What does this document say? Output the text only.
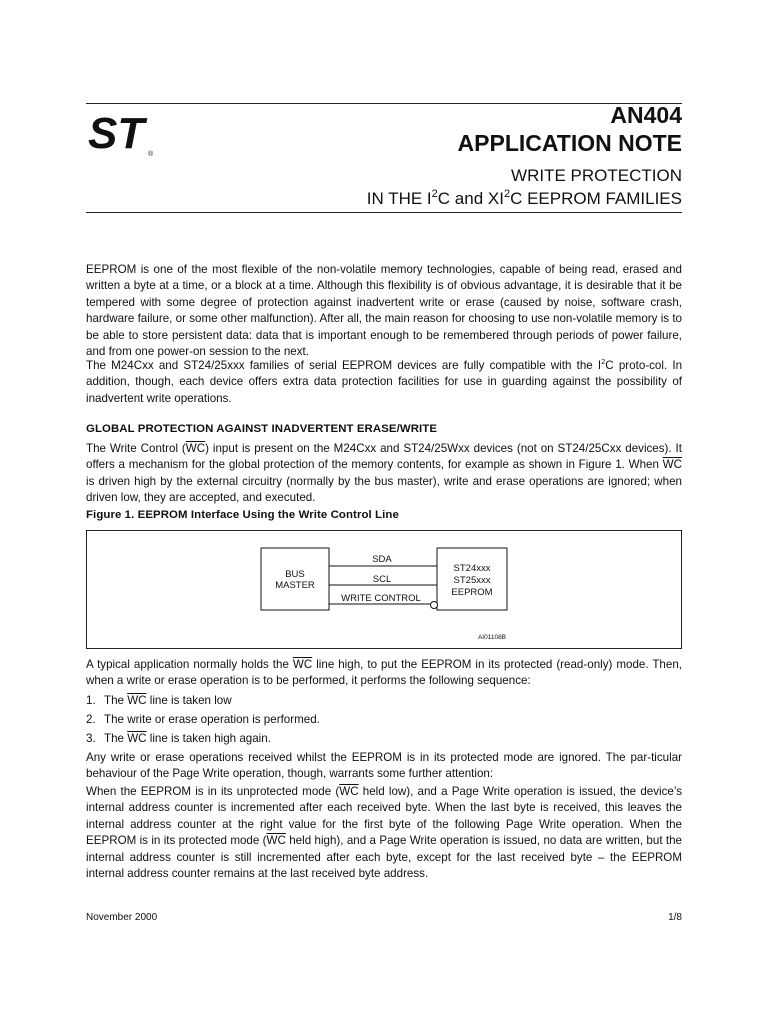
ST ®
AN404
APPLICATION NOTE
WRITE PROTECTION
IN THE $I^2C$ and $XI^2C$ EEPROM FAMILIES
EEPROM is one of the most flexible of the non-volatile memory technologies, capable of being read, erased and written a byte at a time, or a block at a time. Although this flexibility is of obvious advantage, it is desirable that it be tempered with some degree of protection against inadvertent write or erase (caused by noise, software crash, hardware failure, or some other malfunction). After all, the main reason for choosing to use non-volatile memory is to be able to store persistent data: data that is important enough to be remembered through periods of power failure, and from one power-on session to the next.
The M24Cxx and ST24/25xxx families of serial EEPROM devices are fully compatible with the $I^2C$ proto-col. In addition, though, each device offers extra data protection facilities for use in guarding against the possibility of inadvertent write operations.
GLOBAL PROTECTION AGAINST INADVERTENT ERASE/WRITE
The Write Control $(\overline{WC})$ input is present on the M24Cxx and ST24/25Wxx devices (not on ST24/25Cxx devices). It offers a mechanism for the global protection of the memory contents, for example as shown in Figure 1. When $\overline{WC}$ is driven high by the external circuitry (normally by the bus master), write and erase operations are ignored; when driven low, they are accepted, and executed.
Figure 1. EEPROM Interface Using the Write Control Line
BUS
MASTER
ST24xxx
ST25xxx
EEPROM
SDA
SCL
WRITE CONTROL
AI01108B
A typical application normally holds the $\overline{WC}$ line high, to put the EEPROM in its protected (read-only) mode. Then, when a write or erase operation is to be performed, it performs the following sequence:
1. The $\overline{WC}$ line is taken low
2. The write or erase operation is performed.
3. The $\overline{WC}$ line is taken high again.
Any write or erase operations received whilst the EEPROM is in its protected mode are ignored. The par-ticular behaviour of the Page Write operation, though, warrants some further attention:
When the EEPROM is in its unprotected mode ($\overline{WC}$ held low), and a Page Write operation is issued, the device’s internal address counter is incremented after each received byte. When the last byte is received, this leaves the internal address counter at the right value for the first byte of the following Page Write operation. When the EEPROM is in its protected mode ($\overline{WC}$ held high), and a Page Write operation is issued, no data are written, but the internal address counter is still incremented after each byte, except for the last received byte – the EEPROM internal address counter remains at the last received byte address.
November 2000	1/8
